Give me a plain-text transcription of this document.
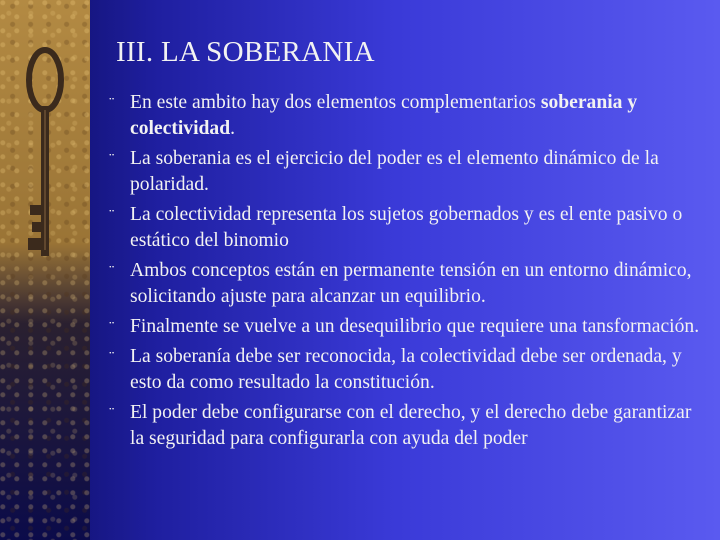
III. LA SOBERANIA
¨ En este ambito hay dos elementos complementarios soberania y colectividad.
¨ La soberania es el ejercicio del poder es el elemento dinámico de la polaridad.
¨ La colectividad representa los sujetos gobernados y es el ente pasivo o estático del binomio
¨ Ambos conceptos están en permanente tensión en un entorno dinámico, solicitando ajuste para alcanzar un equilibrio.
¨ Finalmente se vuelve a un desequilibrio que requiere una tansformación.
¨ La soberanía debe ser reconocida, la colectividad debe ser ordenada, y esto da como resultado la constitución.
¨ El poder debe configurarse con el derecho, y el derecho debe garantizar la seguridad para configurarla con ayuda del poder
